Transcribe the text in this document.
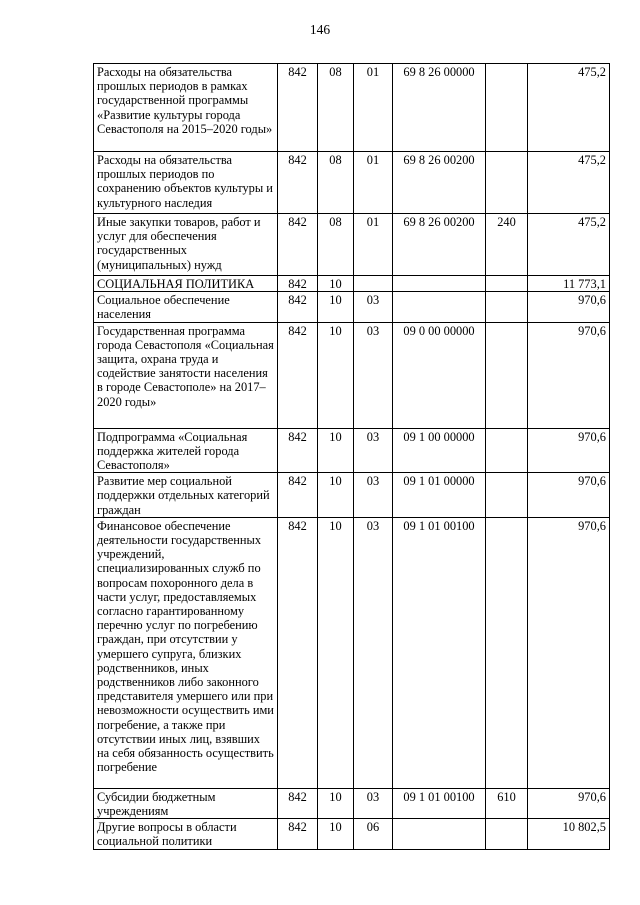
146
Расходы на обязательства прошлых периодов в рамках государственной программы «Развитие культуры города Севастополя на 2015–2020 годы»	842	08	01	69 8 26 00000		475,2
Расходы на обязательства прошлых периодов по сохранению объектов культуры и культурного наследия	842	08	01	69 8 26 00200		475,2
Иные закупки товаров, работ и услуг для обеспечения государственных (муниципальных) нужд	842	08	01	69 8 26 00200	240	475,2
СОЦИАЛЬНАЯ ПОЛИТИКА	842	10				11 773,1
Социальное обеспечение населения	842	10	03			970,6
Государственная программа города Севастополя «Социальная защита, охрана труда и содействие занятости населения в городе Севастополе» на 2017–2020 годы»	842	10	03	09 0 00 00000		970,6
Подпрограмма «Социальная поддержка жителей города Севастополя»	842	10	03	09 1 00 00000		970,6
Развитие мер социальной поддержки отдельных категорий граждан	842	10	03	09 1 01 00000		970,6
Финансовое обеспечение деятельности государственных учреждений, специализированных служб по вопросам похоронного дела в части услуг, предоставляемых согласно гарантированному перечню услуг по погребению граждан, при отсутствии у умершего супруга, близких родственников, иных родственников либо законного представителя умершего или при невозможности осуществить ими погребение, а также при отсутствии иных лиц, взявших на себя обязанность осуществить погребение	842	10	03	09 1 01 00100		970,6
Субсидии бюджетным учреждениям	842	10	03	09 1 01 00100	610	970,6
Другие вопросы в области социальной политики	842	10	06			10 802,5
